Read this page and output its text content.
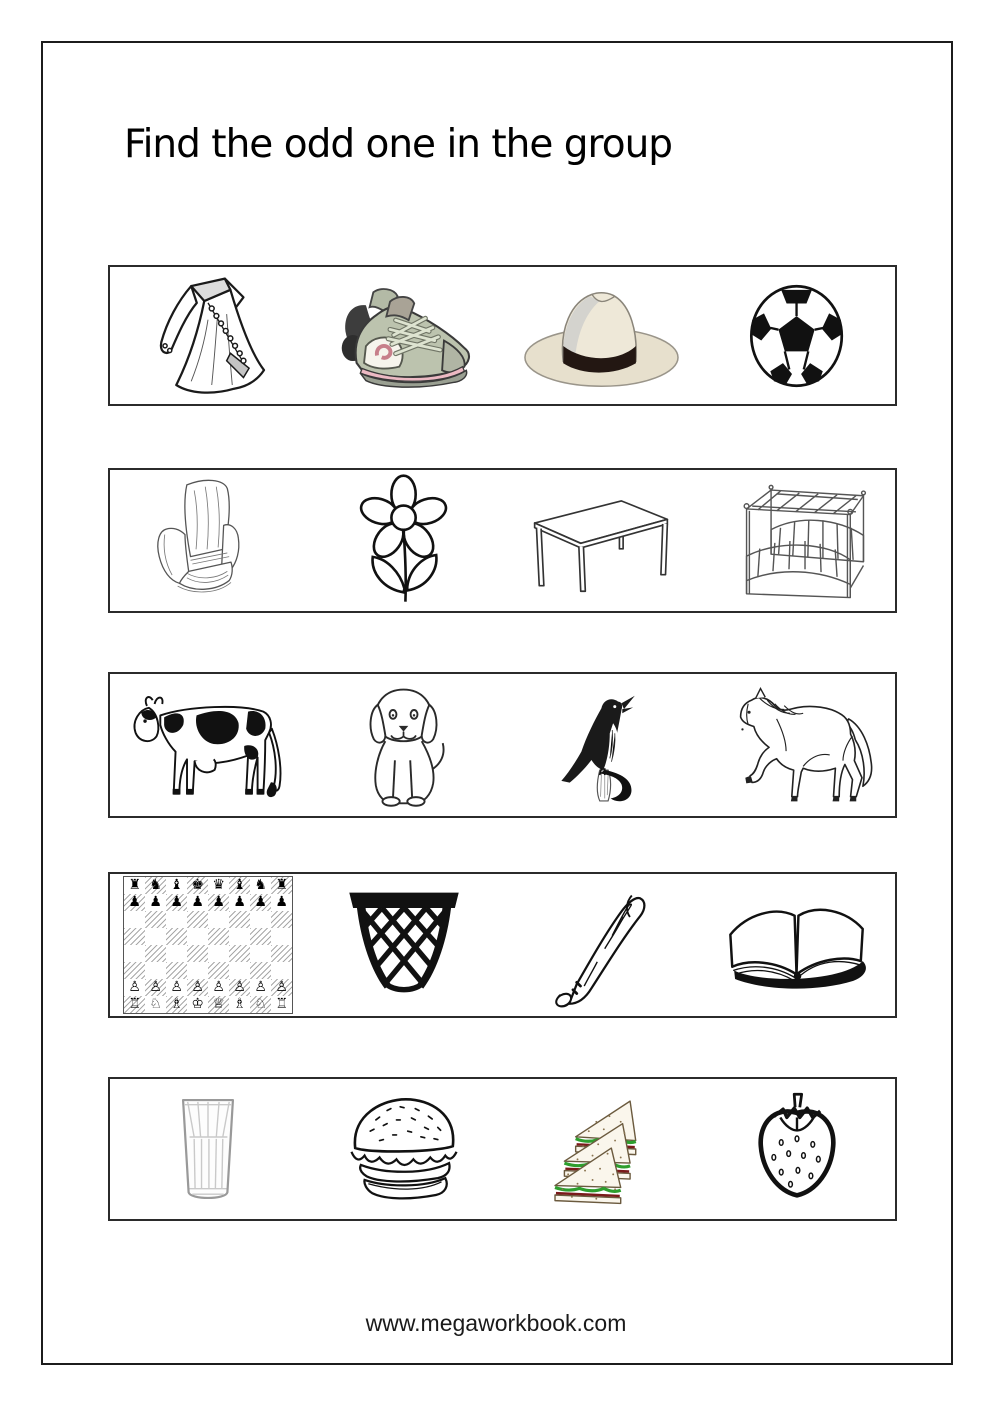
Find the odd one in the group
♜ ♞ ♝ ♚ ♛ ♝ ♞ ♜
♟ ♟ ♟ ♟ ♟ ♟ ♟ ♟
♙ ♙ ♙ ♙ ♙ ♙ ♙ ♙
♖ ♘ ♗ ♔ ♕ ♗ ♘ ♖
www.megaworkbook.com
